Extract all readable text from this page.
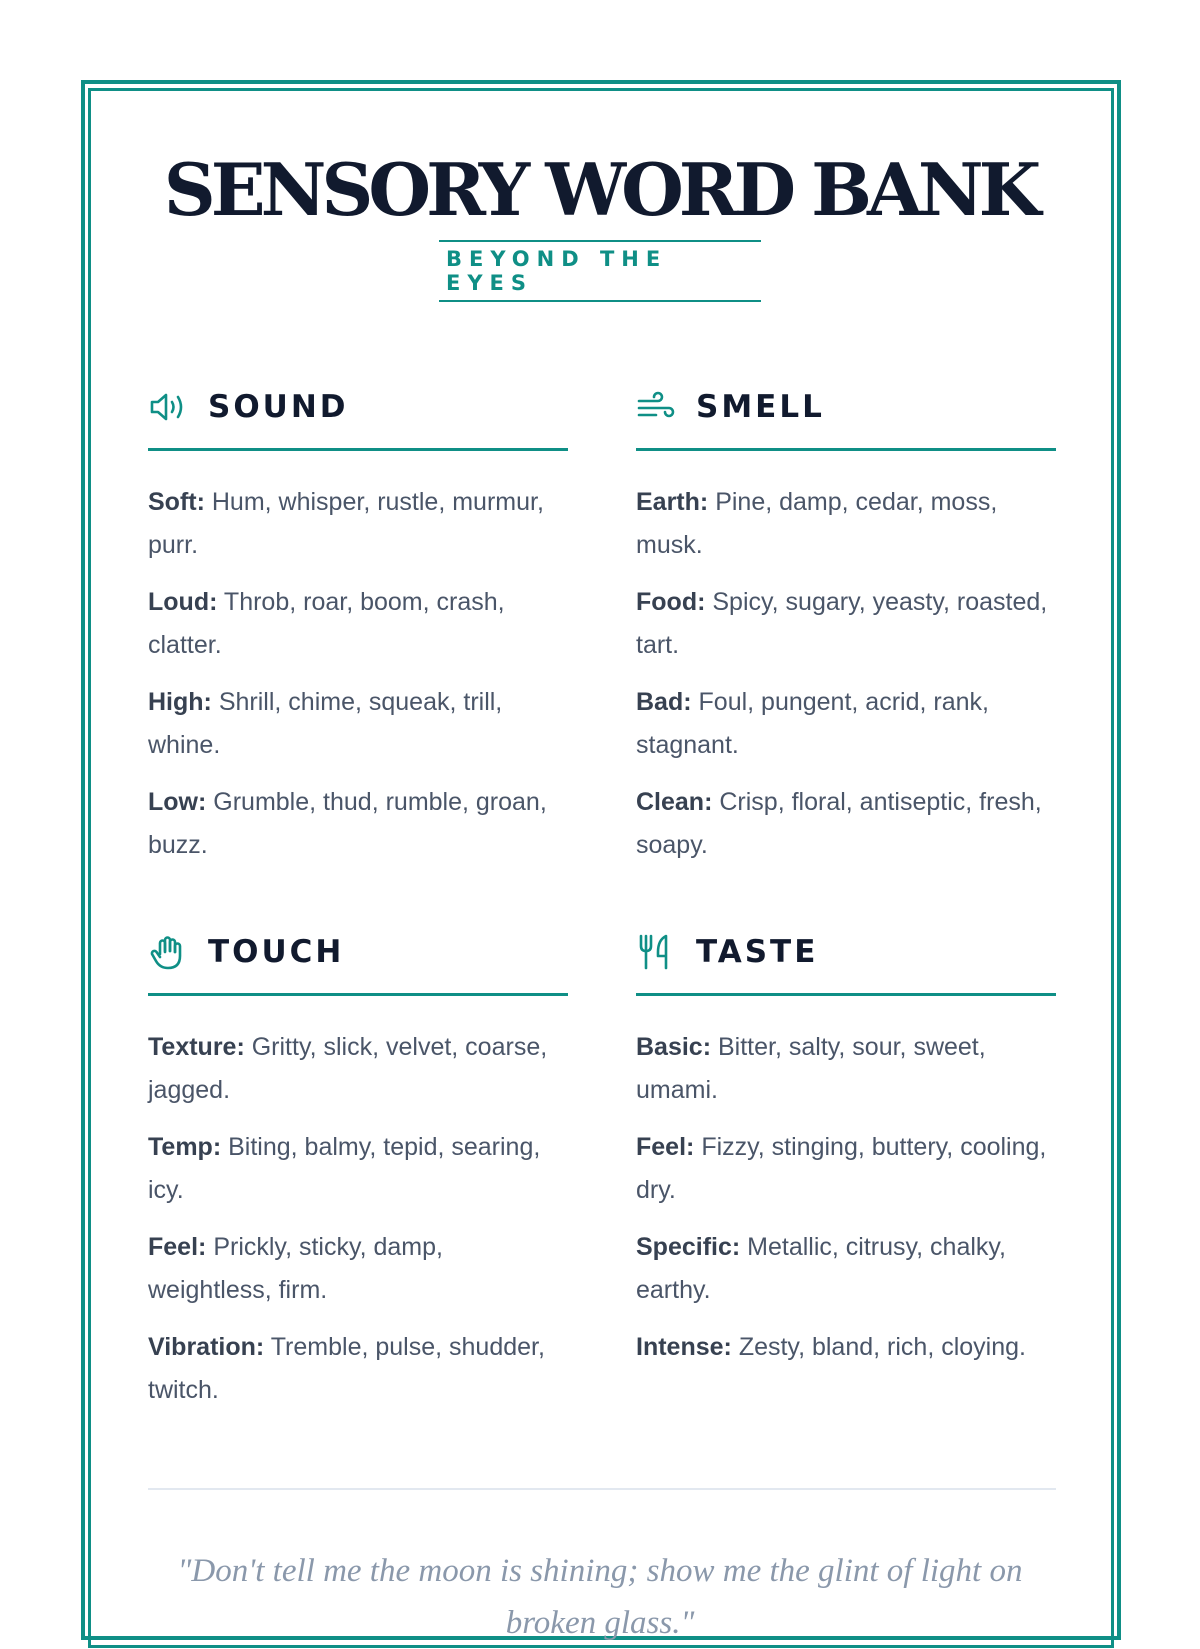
SENSORY WORD BANK
BEYOND THE EYES
SOUND

Soft: Hum, whisper, rustle, murmur, purr.

Loud: Throb, roar, boom, crash, clatter.

High: Shrill, chime, squeak, trill, whine.

Low: Grumble, thud, rumble, groan, buzz.

SMELL

Earth: Pine, damp, cedar, moss, musk.

Food: Spicy, sugary, yeasty, roasted, tart.

Bad: Foul, pungent, acrid, rank, stagnant.

Clean: Crisp, floral, antiseptic, fresh, soapy.

TOUCH

Texture: Gritty, slick, velvet, coarse, jagged.

Temp: Biting, balmy, tepid, searing, icy.

Feel: Prickly, sticky, damp, weightless, firm.

Vibration: Tremble, pulse, shudder, twitch.

TASTE

Basic: Bitter, salty, sour, sweet, umami.

Feel: Fizzy, stinging, buttery, cooling, dry.

Specific: Metallic, citrusy, chalky, earthy.

Intense: Zesty, bland, rich, cloying.

"Don't tell me the moon is shining; show me the glint of light on broken glass."
